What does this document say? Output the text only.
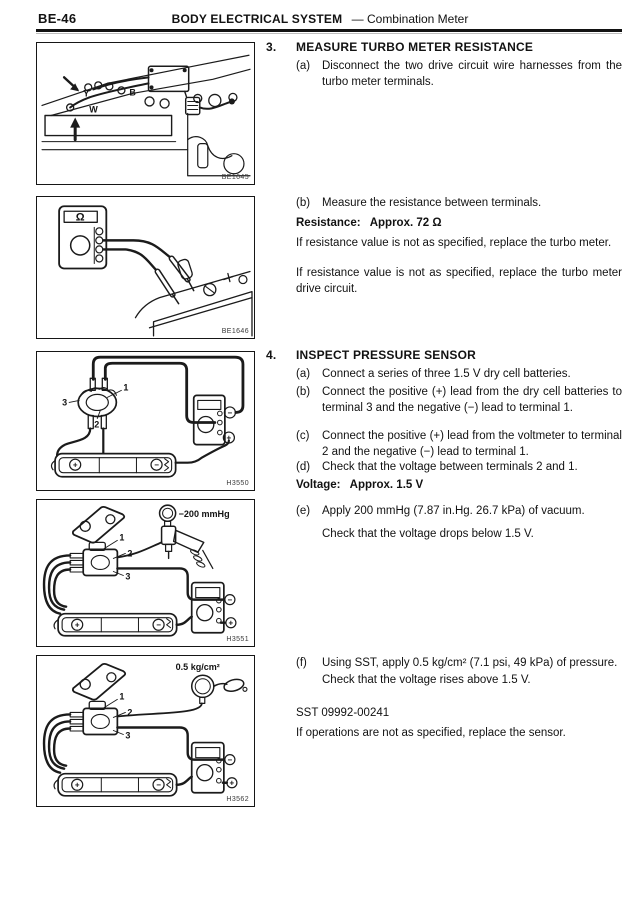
BE-46	BODY ELECTRICAL SYSTEM — Combination Meter
Y	B
W
BE1645
Ω
BE1646
1
3
2
+	−
−
+
H3550
−200 mmHg
1
2
3
+	−
−
+
H3551
0.5 kg/cm²
1
2
3
+	−
−
+
H3562
3.	MEASURE TURBO METER RESISTANCE
(a)	Disconnect the two drive circuit wire harnesses from the turbo meter terminals.
(b)	Measure the resistance between terminals.
Resistance:   Approx. 72 Ω
If resistance value is not as specified, replace the turbo meter.
If resistance value is not as specified, replace the turbo meter drive circuit.
4.	INSPECT PRESSURE SENSOR
(a)	Connect a series of three 1.5 V dry cell batteries.
(b)	Connect the positive (+) lead from the dry cell batteries to terminal 3 and the negative (−) lead to terminal 1.
(c)	Connect the positive (+) lead from the voltmeter to terminal 2 and the negative (−) lead to terminal 1.
(d)	Check that the voltage between terminals 2 and 1.
Voltage:   Approx. 1.5 V
(e)	Apply 200 mmHg (7.87 in.Hg. 26.7 kPa) of vacuum.
Check that the voltage drops below 1.5 V.
(f)	Using SST, apply 0.5 kg/cm² (7.1 psi, 49 kPa) of pressure.
Check that the voltage rises above 1.5 V.
SST 09992-00241
If operations are not as specified, replace the sensor.
